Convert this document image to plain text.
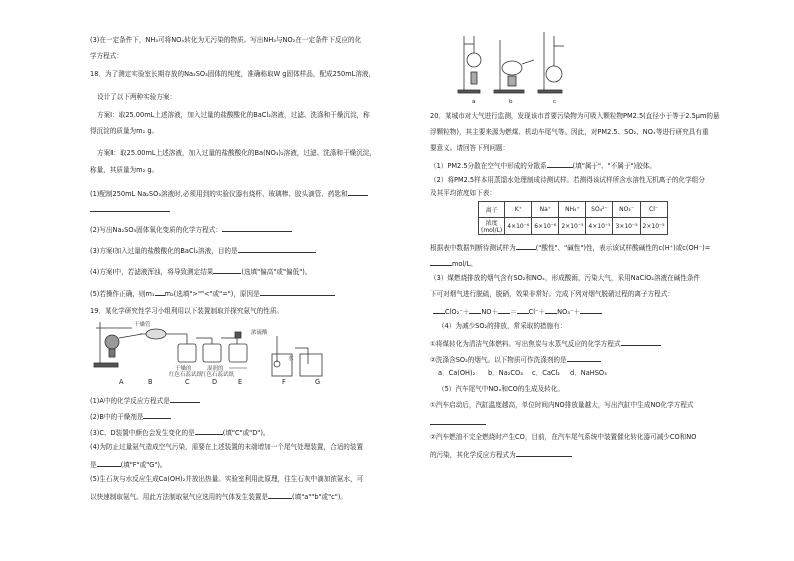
(3)在一定条件下，NH₃可将NOₓ转化为无污染的物质。写出NH₃与NO₂在一定条件下反应的化
学方程式：
18．为了测定实验室长期存放的Na₂SO₃固体的纯度，准确称取W g固体样品，配成250mL溶液，
设计了以下两种实验方案：
方案Ⅰ：取25.00mL上述溶液，加入过量的盐酸酸化的BaCl₂溶液，过滤、洗涤和干燥沉淀，称
得沉淀的质量为m₁ g。
方案Ⅱ：取25.00mL上述溶液，加入过量的盐酸酸化的Ba(NO₃)₂溶液，过滤、洗涤和干燥沉淀，
称量，其质量为m₂ g。
(1)配制250mL Na₂SO₃溶液时,必须用到的实验仪器有烧杯、玻璃棒、胶头滴管、药匙和
(2)写出Na₂SO₃固体氧化变质的化学方程式：
(3)方案Ⅰ加入过量的盐酸酸化的BaCl₂溶液，目的是
(4)方案Ⅰ中，若滤液浑浊，将导致测定结果	(选填"偏高"或"偏低")。
(5)若操作正确，则m₁ m₂(选填">""<"或"=")，原因是
19．某化学研究性学习小组利用以下装置制取并探究氨气的性质。
干燥管
干燥的
红色石蕊试纸
湿润的
红色石蕊试纸
浓硫酸
水
A	B	C	D	E	F	G
(1)A中的化学反应方程式是
(2)B中的干燥剂是
(3)C、D装置中颜色会发生变化的是	(填"C"或"D")。
(4)为防止过量氨气造成空气污染，需要在上述装置的末端增加一个尾气处理装置，合适的装置
是	(填"F"或"G")。
(5)生石灰与水反应生成Ca(OH)₂并放出热量。实验室利用此原理，往生石灰中滴加浓氨水，可
以快速制取氨气。用此方法制取氨气应选用的气体发生装置是	(填"a""b"或"c")。
a	b	c
20．某城市对大气进行监测，发现该市首要污染物为可吸入颗粒物PM2.5(直径小于等于2.5μm的悬
浮颗粒物)，其主要来源为燃煤、机动车尾气等。因此，对PM2.5、SO₂、NOₓ等进行研究具有重
要意义。请回答下列问题：
（1）PM2.5分散在空气中形成的分散系	(填"属于"、"不属于")胶体。
（2）将PM2.5样本用蒸馏水处理制成待测试样。若测得该试样所含水溶性无机离子的化学组分
及其平均浓度如下表：
离子	K⁺	Na⁺	NH₄⁺	SO₄²⁻	NO₃⁻	Cl⁻
浓度(mol/L)	4×10⁻⁶	6×10⁻⁶	2×10⁻⁵	4×10⁻⁵	3×10⁻⁵	2×10⁻⁵
根据表中数据判断待测试样为	("酸性"、"碱性")性，表示该试样酸碱性的c(H⁺)或c(OH⁻)=
mol/L。
（3）煤燃烧排放的烟气含有SO₂和NOₓ，形成酸雨，污染大气，采用NaClO₂溶液在碱性条件
下可对烟气进行脱硫，脱硝，效果非常好。完成下列对烟气脱硝过程的离子方程式：
ClO₂⁻＋ NO＋ ＝ Cl⁻＋ NO₃⁻＋
（4）为减少SO₂的排放，常采取的措施有：
①将煤转化为清洁气体燃料。写出焦炭与水蒸气反应的化学方程式
②洗涤含SO₂的烟气。以下物质可作洗涤剂的是
a．Ca(OH)₂ b．Na₂CO₃ c．CaCl₂ d．NaHSO₃
（5）汽车尾气中NOₓ和CO的生成及转化。
①汽车启动后，汽缸温度越高，单位时间内NO排放量越大，写出汽缸中生成NO化学方程式
②汽车燃油不完全燃烧时产生CO，目前，在汽车尾气系统中装置催化转化器可减少CO和NO
的污染，其化学反应方程式为
